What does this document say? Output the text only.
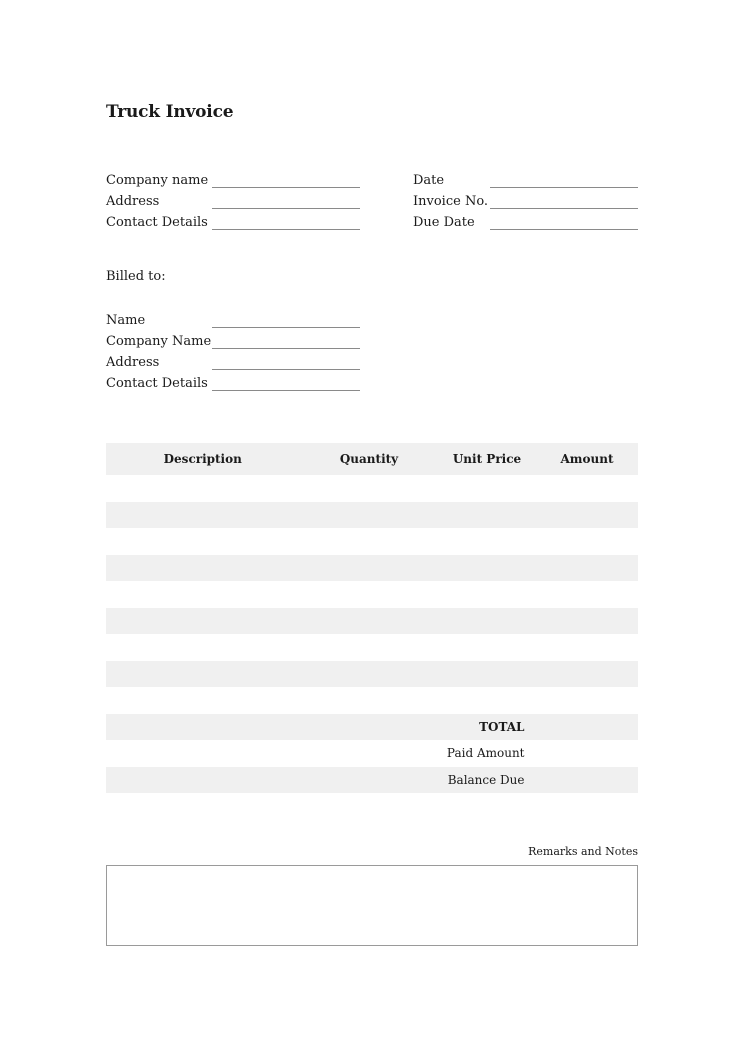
Truck Invoice
Company name
Address
Contact Details
Date
Invoice No.
Due Date
Billed to:
Name
Company Name
Address
Contact Details
Description	Quantity	Unit Price	Amount

		TOTAL	
		Paid Amount	
		Balance Due	
Remarks and Notes
